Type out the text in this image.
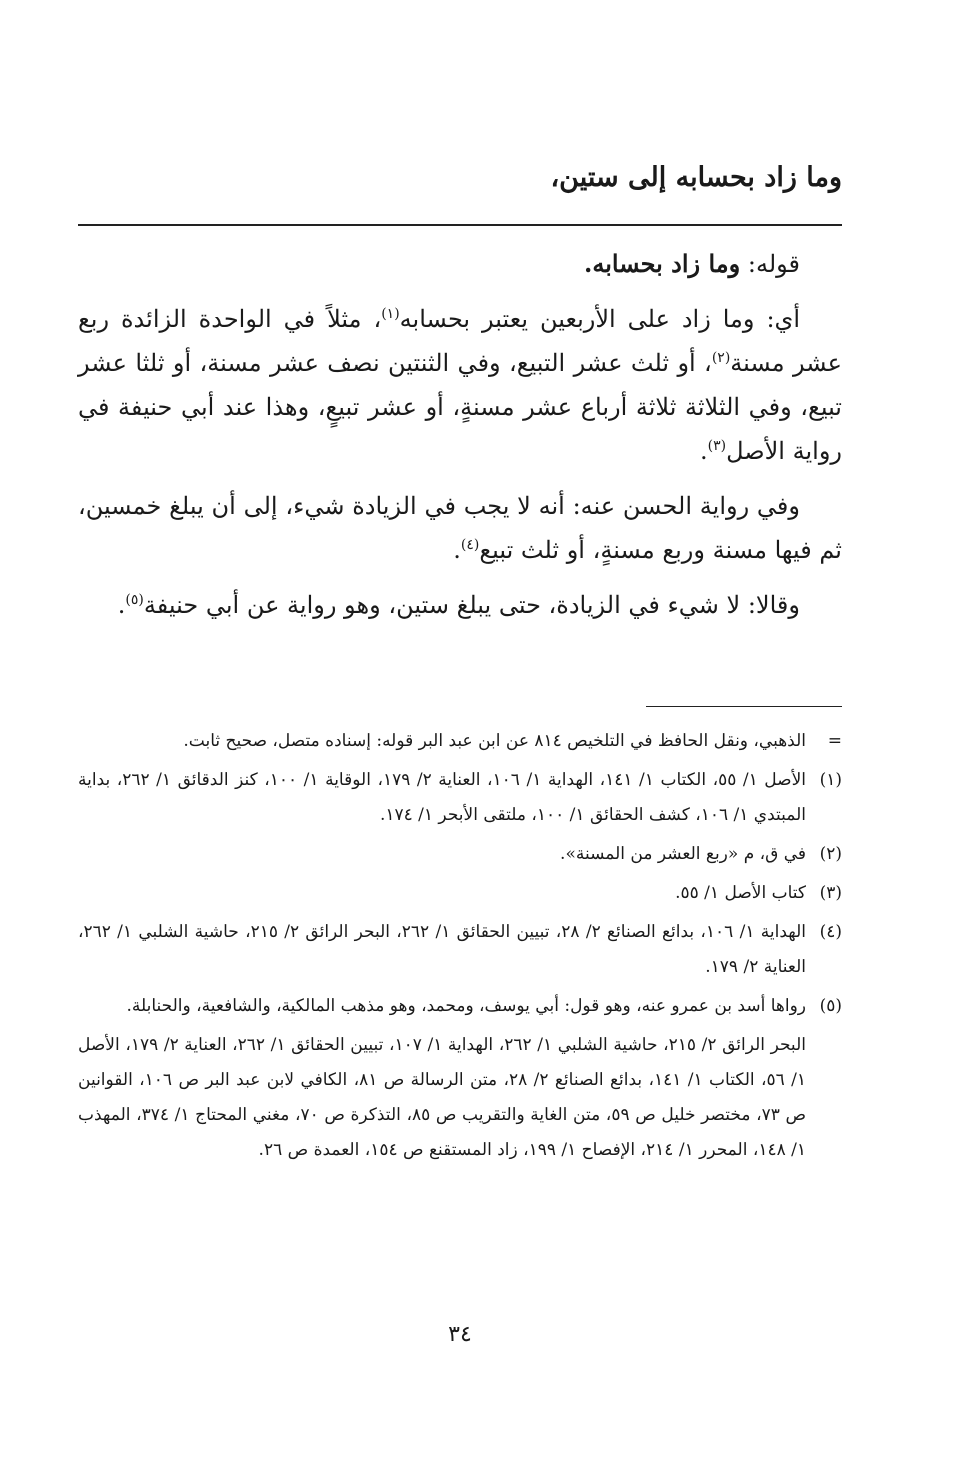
وما زاد بحسابه إلى ستين،

قوله: وما زاد بحسابه.

أي: وما زاد على الأربعين يعتبر بحسابه$^{(١)}$، مثلاً في الواحدة الزائدة ربع عشر مسنة$^{(٢)}$، أو ثلث عشر التبيع، وفي الثنتين نصف عشر مسنة، أو ثلثا عشر تبيع، وفي الثلاثة ثلاثة أرباع عشر مسنةٍ، أو عشر تبيعٍ، وهذا عند أبي حنيفة في رواية الأصل$^{(٣)}$.

وفي رواية الحسن عنه: أنه لا يجب في الزيادة شيء، إلى أن يبلغ خمسين، ثم فيها مسنة وربع مسنةٍ، أو ثلث تبيع$^{(٤)}$.

وقالا: لا شيء في الزيادة، حتى يبلغ ستين، وهو رواية عن أبي حنيفة$^{(٥)}$.

=
الذهبي، ونقل الحافظ في التلخيص ٨١٤ عن ابن عبد البر قوله: إسناده متصل، صحيح ثابت.
(١)
الأصل ١/ ٥٥، الكتاب ١/ ١٤١، الهداية ١/ ١٠٦، العناية ٢/ ١٧٩، الوقاية ١/ ١٠٠، كنز الدقائق ١/ ٢٦٢، بداية المبتدي ١/ ١٠٦، كشف الحقائق ١/ ١٠٠، ملتقى الأبحر ١/ ١٧٤.
(٢)
في ق، م «ربع العشر من المسنة».
(٣)
كتاب الأصل ١/ ٥٥.
(٤)
الهداية ١/ ١٠٦، بدائع الصنائع ٢/ ٢٨، تبيين الحقائق ١/ ٢٦٢، البحر الرائق ٢/ ٢١٥، حاشية الشلبي ١/ ٢٦٢، العناية ٢/ ١٧٩.
(٥)
رواها أسد بن عمرو عنه، وهو قول: أبي يوسف، ومحمد، وهو مذهب المالكية، والشافعية، والحنابلة.
البحر الرائق ٢/ ٢١٥، حاشية الشلبي ١/ ٢٦٢، الهداية ١/ ١٠٧، تبيين الحقائق ١/ ٢٦٢، العناية ٢/ ١٧٩، الأصل ١/ ٥٦، الكتاب ١/ ١٤١، بدائع الصنائع ٢/ ٢٨، متن الرسالة ص ٨١، الكافي لابن عبد البر ص ١٠٦، القوانين ص ٧٣، مختصر خليل ص ٥٩، متن الغاية والتقريب ص ٨٥، التذكرة ص ٧٠، مغني المحتاج ١/ ٣٧٤، المهذب ١/ ١٤٨، المحرر ١/ ٢١٤، الإفصاح ١/ ١٩٩، زاد المستقنع ص ١٥٤، العمدة ص ٢٦.
٣٤
